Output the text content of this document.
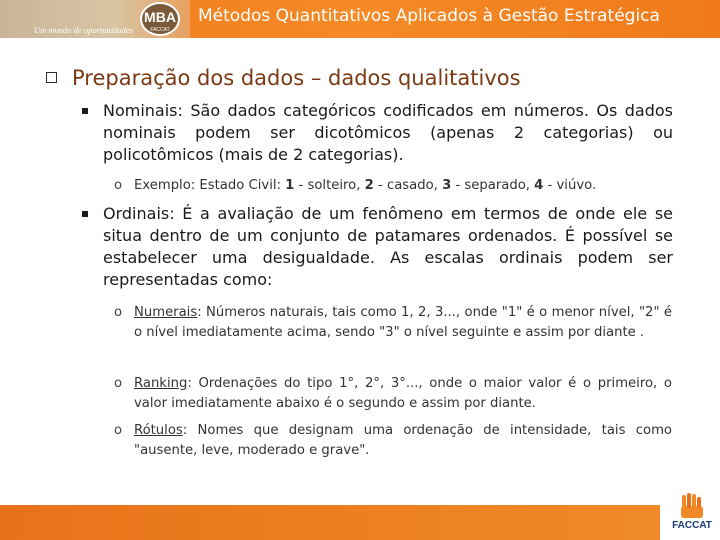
Um mundo de oportunidades
MBA
FACCAT
Métodos Quantitativos Aplicados à Gestão Estratégica
Preparação dos dados – dados qualitativos
Nominais: São dados categóricos codificados em números. Os dados nominais podem ser dicotômicos (apenas 2 categorias) ou policotômicos (mais de 2 categorias).
o Exemplo: Estado Civil: 1 - solteiro, 2 - casado, 3 - separado, 4 - viúvo.
Ordinais: É a avaliação de um fenômeno em termos de onde ele se situa dentro de um conjunto de patamares ordenados. É possível se estabelecer uma desigualdade. As escalas ordinais podem ser representadas como:
o Numerais: Números naturais, tais como 1, 2, 3..., onde "1" é o menor nível, "2" é o nível imediatamente acima, sendo "3" o nível seguinte e assim por diante .
o Ranking: Ordenações do tipo 1°, 2°, 3°..., onde o maior valor é o primeiro, o valor imediatamente abaixo é o segundo e assim por diante.
o Rótulos: Nomes que designam uma ordenação de intensidade, tais como "ausente, leve, moderado e grave".
FACCAT
